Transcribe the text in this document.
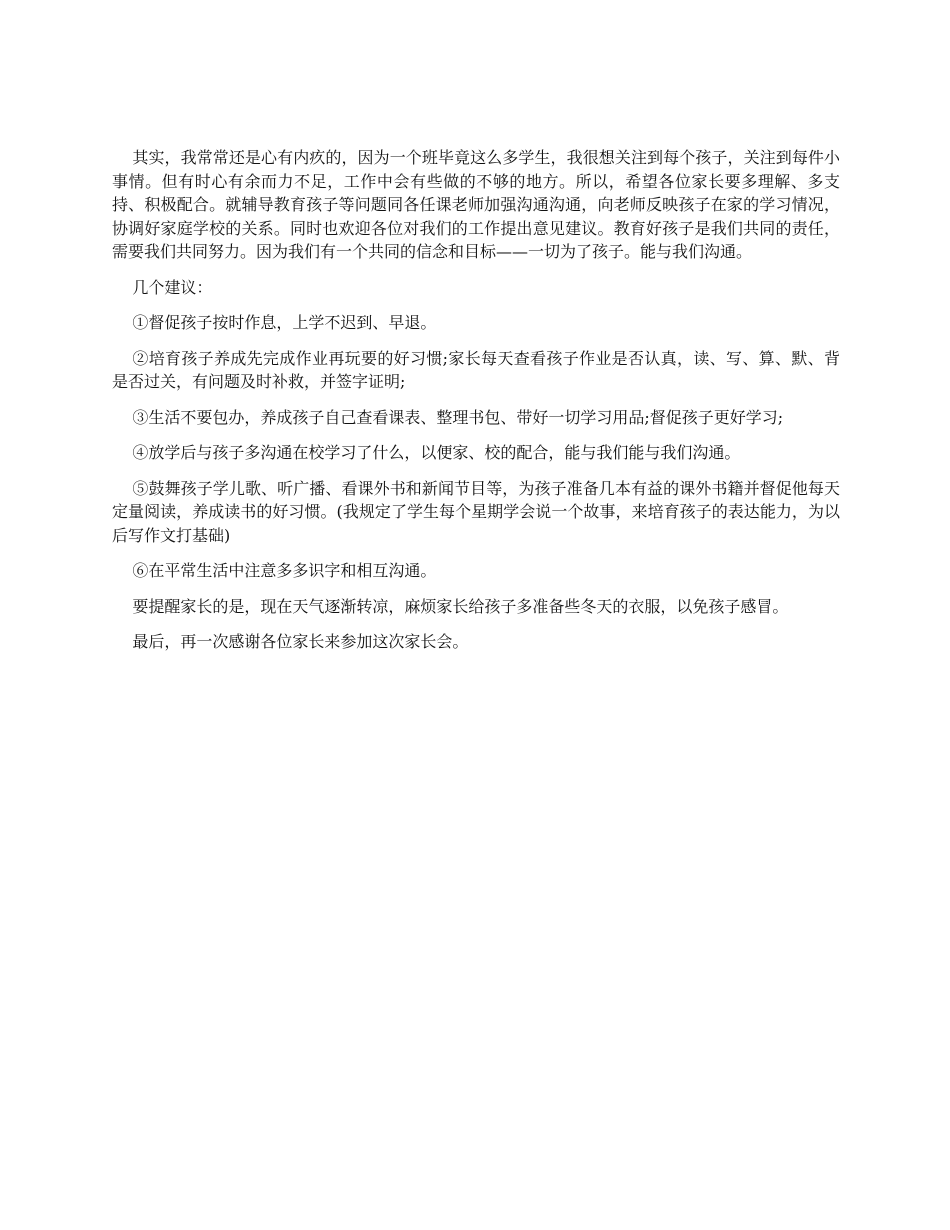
其实，我常常还是心有内疚的，因为一个班毕竟这么多学生，我很想关注到每个孩子，关注到每件小事情。但有时心有余而力不足，工作中会有些做的不够的地方。所以，希望各位家长要多理解、多支持、积极配合。就辅导教育孩子等问题同各任课老师加强沟通沟通，向老师反映孩子在家的学习情况，协调好家庭学校的关系。同时也欢迎各位对我们的工作提出意见建议。教育好孩子是我们共同的责任，需要我们共同努力。因为我们有一个共同的信念和目标——一切为了孩子。能与我们沟通。

几个建议：

①督促孩子按时作息，上学不迟到、早退。

②培育孩子养成先完成作业再玩要的好习惯;家长每天查看孩子作业是否认真，读、写、算、默、背是否过关，有问题及时补救，并签字证明;

③生活不要包办，养成孩子自己查看课表、整理书包、带好一切学习用品;督促孩子更好学习;

④放学后与孩子多沟通在校学习了什么，以便家、校的配合，能与我们能与我们沟通。

⑤鼓舞孩子学儿歌、听广播、看课外书和新闻节目等，为孩子准备几本有益的课外书籍并督促他每天定量阅读，养成读书的好习惯。(我规定了学生每个星期学会说一个故事，来培育孩子的表达能力，为以后写作文打基础)

⑥在平常生活中注意多多识字和相互沟通。

要提醒家长的是，现在天气逐渐转凉，麻烦家长给孩子多准备些冬天的衣服，以免孩子感冒。

最后，再一次感谢各位家长来参加这次家长会。
